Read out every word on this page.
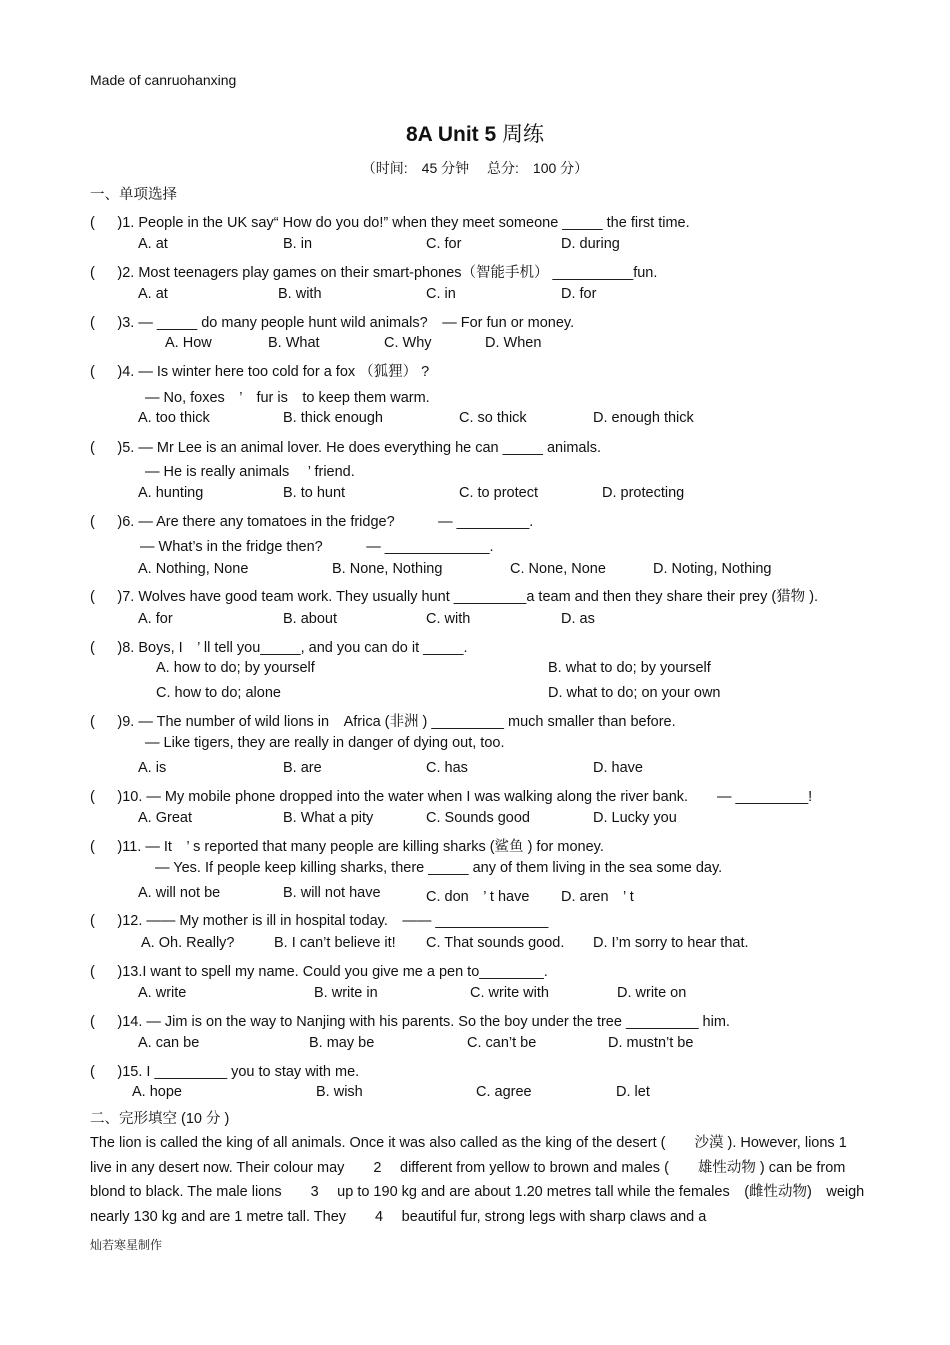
Made of canruohanxing
8A Unit 5 周练
（时间:　45 分钟　 总分:　100 分）
一、单项选择
( 　 )1. People in the UK say“ How do you do!” when they meet someone _____ the first time.
A. at	B. in	C. for	D. during
( 　 )2. Most teenagers play games on their smart-phones（智能手机） __________fun.
A. at	B. with	C. in	D. for
( 　 )3. — _____ do many people hunt wild animals?　— For fun or money.
A. How	B. What	C. Why	D. When
( 　 )4. — Is winter here too cold for a fox （狐狸） ?
— No, foxes　’　fur is　to keep them warm.
A. too thick	B. thick enough	C. so thick	D. enough thick
( 　 )5. — Mr Lee is an animal lover. He does everything he can _____ animals.
— He is really animals　 ’ friend.
A. hunting	B. to hunt	C. to protect	D. protecting
( 　 )6. — Are there any tomatoes in the fridge?　　　— _________.
— What’s in the fridge then?　　　— _____________.
A. Nothing, None	B. None, Nothing	C. None, None	D. Noting, Nothing
( 　 )7. Wolves have good team work. They usually hunt _________a team and then they share their prey (猎物 ).
A. for	B. about	C. with	D. as
( 　 )8. Boys, I　’ ll tell you_____, and you can do it _____.
A. how to do; by yourself	B. what to do; by yourself
C. how to do; alone	D. what to do; on your own
( 　 )9. — The number of wild lions in　Africa (非洲 ) _________ much smaller than before.
— Like tigers, they are really in danger of dying out, too.
A. is	B. are	C. has	D. have
( 　 )10. — My mobile phone dropped into the water when I was walking along the river bank.　　— _________!
A. Great	B. What a pity	C. Sounds good	D. Lucky you
( 　 )11. — It　’ s reported that many people are killing sharks (鲨鱼 ) for money.
— Yes. If people keep killing sharks, there _____ any of them living in the sea some day.
A. will not be	B. will not have	C. don　’ t have D. aren　’ t
( 　 )12. —— My mother is ill in hospital today.　—— ______________
A. Oh. Really?	B. I can’t believe it! C. That sounds good. D. I’m sorry to hear that.
( 　 )13.I want to spell my name. Could you give me a pen to________.
A. write	B. write in	C. write with	D. write on
( 　 )14. — Jim is on the way to Nanjing with his parents. So the boy under the tree _________ him.
A. can be	B. may be	C. can’t be	D. mustn’t be
( 　 )15. I _________ you to stay with me.
A. hope	B. wish	C. agree	D. let
二、完形填空 (10 分 )
The lion is called the king of all animals. Once it was also called as the king of the desert (　　沙漠 ). However, lions 1　 live in any desert now. Their colour may　　2　 different from yellow to brown and males (　　雄性动物 ) can be from blond to black. The male lions　　3　 up to 190 kg and are about 1.20 metres tall while the females　(雌性动物)　weigh nearly 130 kg and are 1 metre tall. They　　4　 beautiful fur, strong legs with sharp claws and a
灿若寒星制作
